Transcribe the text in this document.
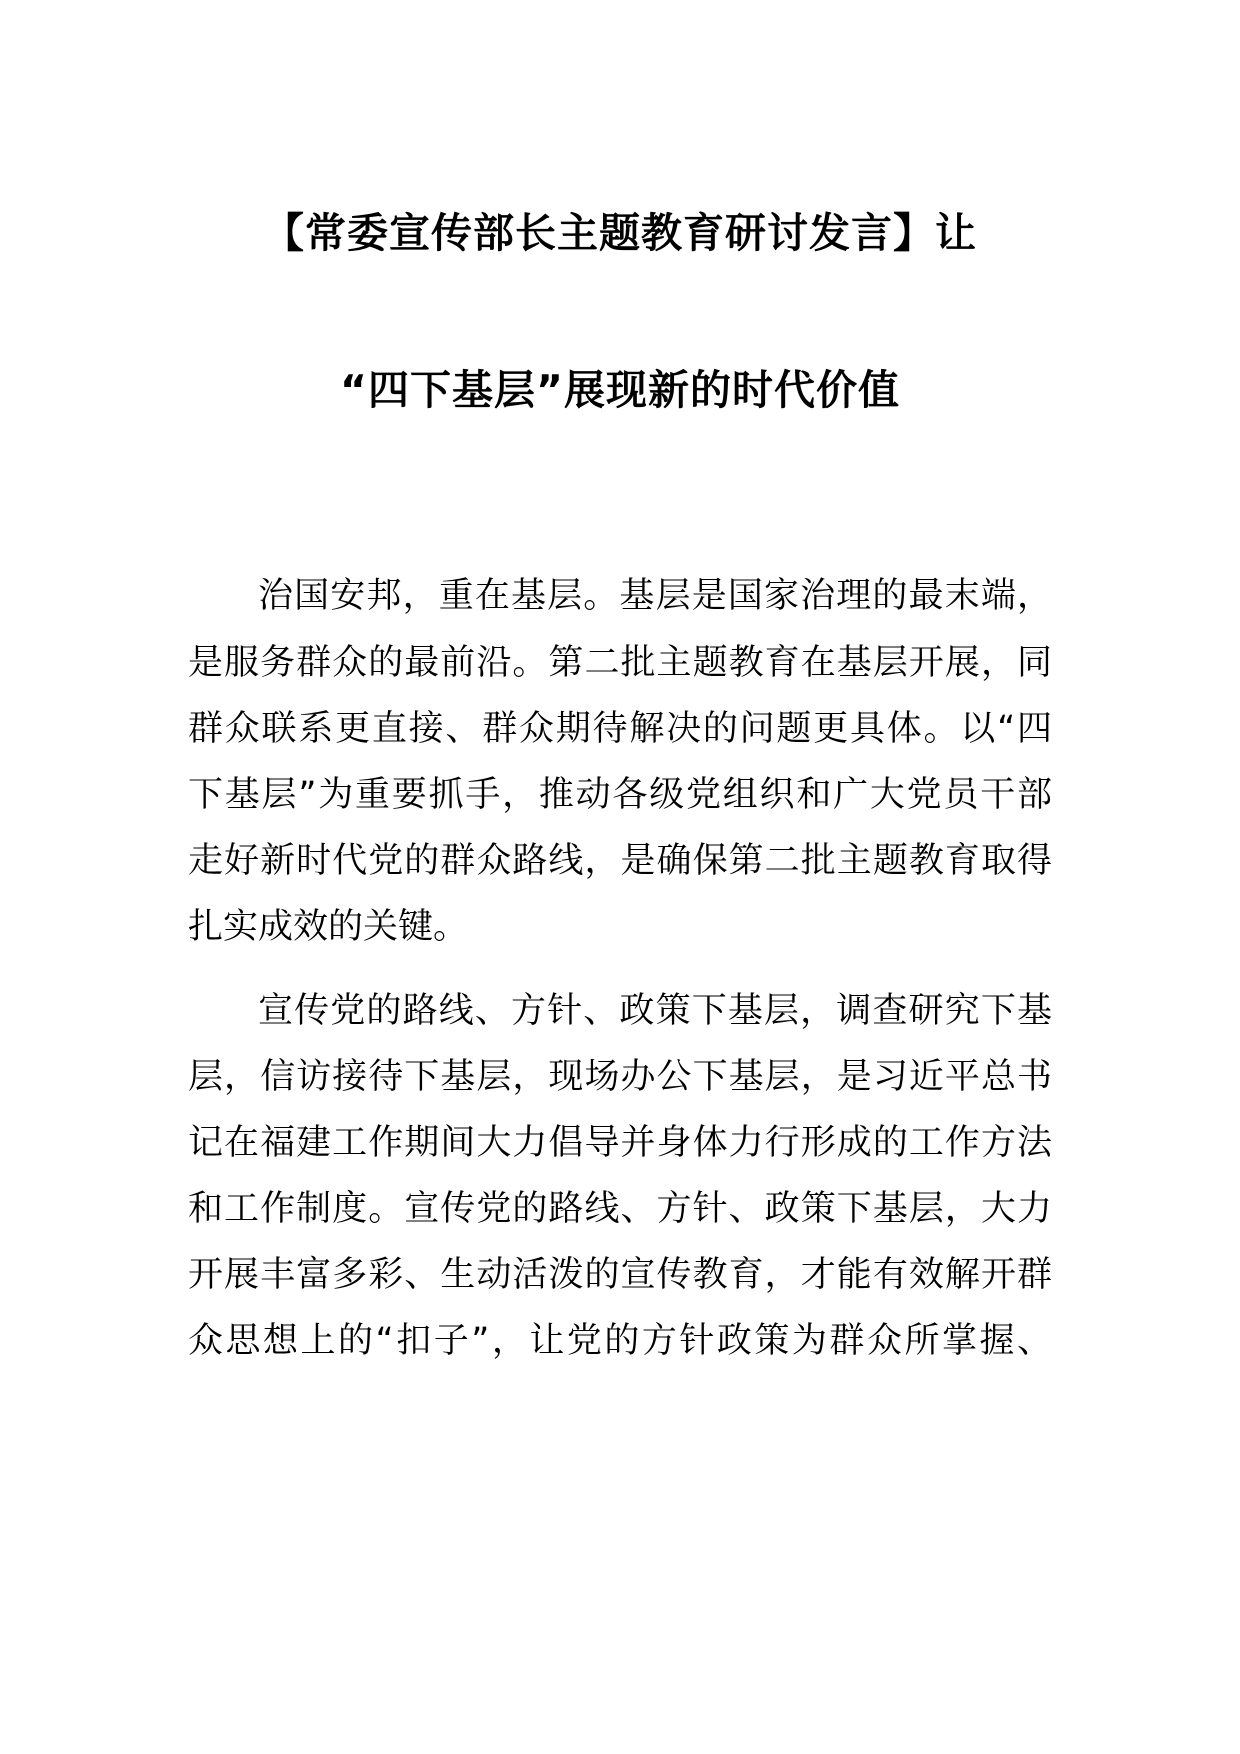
【常委宣传部长主题教育研讨发言】让
“四下基层”展现新的时代价值

治国安邦，重在基层。基层是国家治理的最末端，

是服务群众的最前沿。第二批主题教育在基层开展，同

群众联系更直接、群众期待解决的问题更具体。以“四

下基层”为重要抓手，推动各级党组织和广大党员干部

走好新时代党的群众路线，是确保第二批主题教育取得

扎实成效的关键。

宣传党的路线、方针、政策下基层，调查研究下基

层，信访接待下基层，现场办公下基层，是习近平总书

记在福建工作期间大力倡导并身体力行形成的工作方法

和工作制度。宣传党的路线、方针、政策下基层，大力

开展丰富多彩、生动活泼的宣传教育，才能有效解开群

众思想上的“扣子”，让党的方针政策为群众所掌握、
